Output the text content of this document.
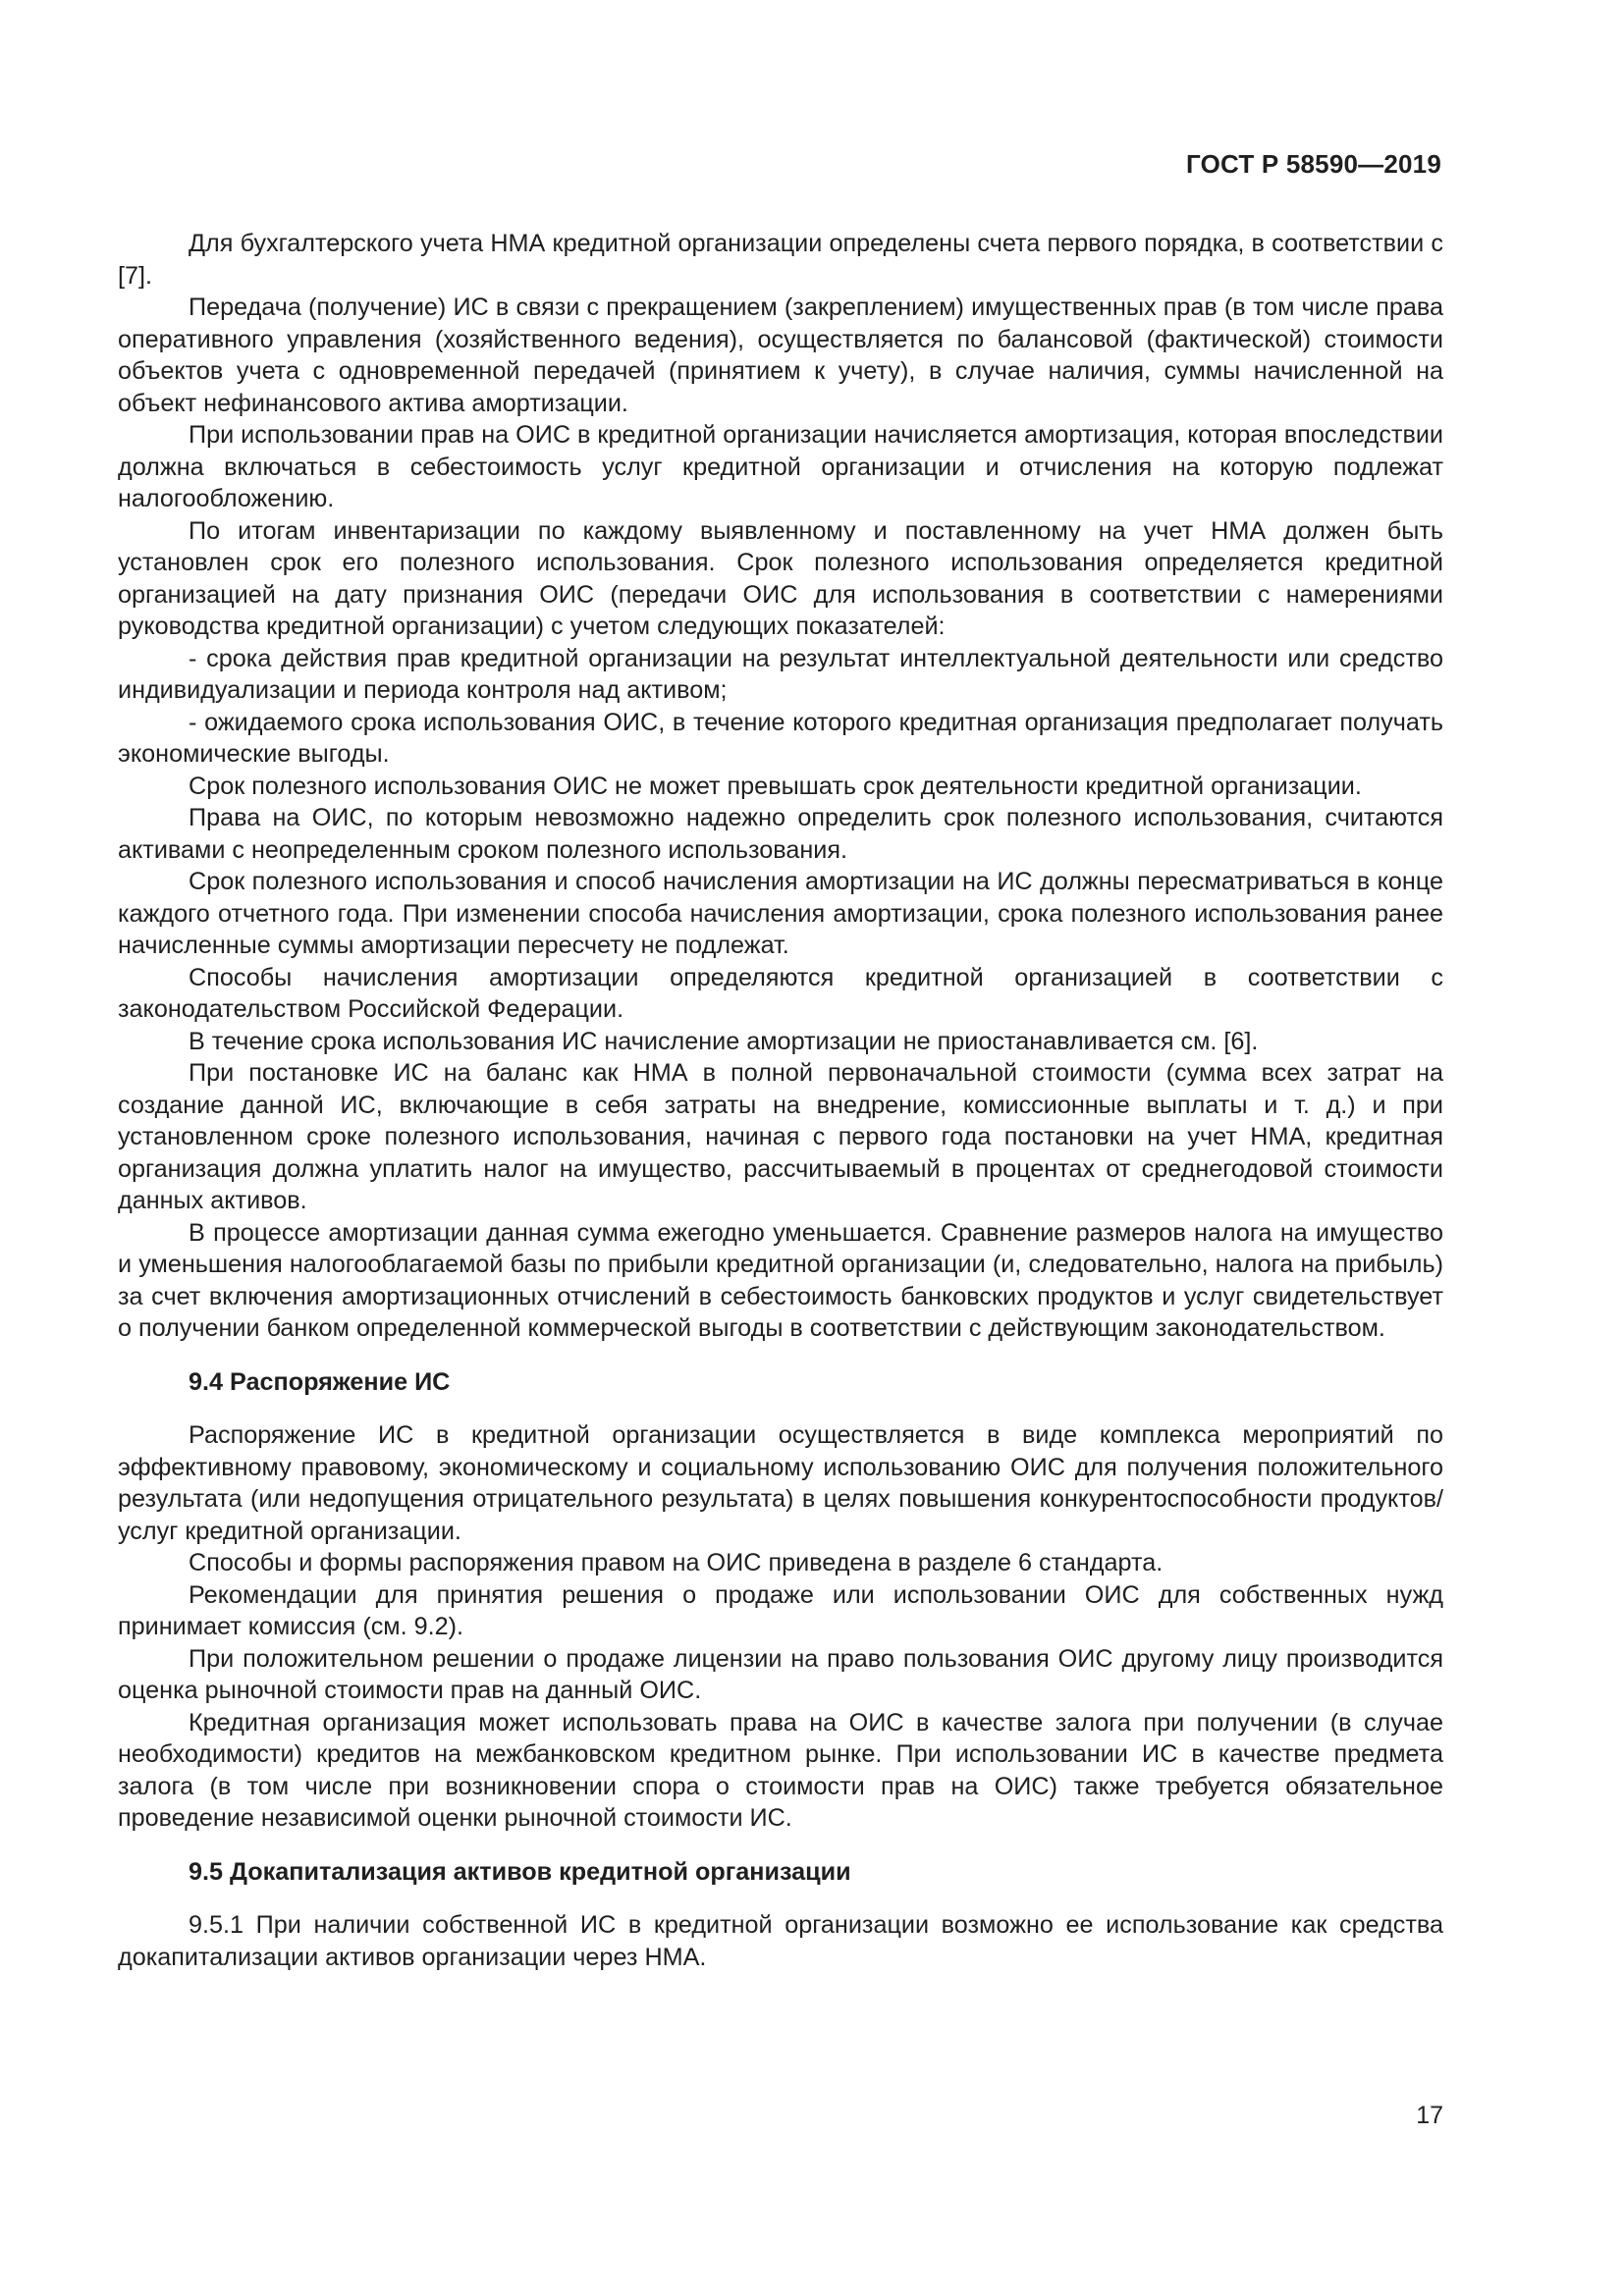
ГОСТ Р 58590—2019

Для бухгалтерского учета НМА кредитной организации определены счета первого порядка, в соответствии с [7].

Передача (получение) ИС в связи с прекращением (закреплением) имущественных прав (в том числе права оперативного управления (хозяйственного ведения), осуществляется по балансовой (фактической) стоимости объектов учета с одновременной передачей (принятием к учету), в случае наличия, суммы начисленной на объект нефинансового актива амортизации.

При использовании прав на ОИС в кредитной организации начисляется амортизация, которая впоследствии должна включаться в себестоимость услуг кредитной организации и отчисления на которую подлежат налогообложению.

По итогам инвентаризации по каждому выявленному и поставленному на учет НМА должен быть установлен срок его полезного использования. Срок полезного использования определяется кредитной организацией на дату признания ОИС (передачи ОИС для использования в соответствии с намерениями руководства кредитной организации) с учетом следующих показателей:

- срока действия прав кредитной организации на результат интеллектуальной деятельности или средство индивидуализации и периода контроля над активом;

- ожидаемого срока использования ОИС, в течение которого кредитная организация предполагает получать экономические выгоды.

Срок полезного использования ОИС не может превышать срок деятельности кредитной организации.

Права на ОИС, по которым невозможно надежно определить срок полезного использования, считаются активами с неопределенным сроком полезного использования.

Срок полезного использования и способ начисления амортизации на ИС должны пересматриваться в конце каждого отчетного года. При изменении способа начисления амортизации, срока полезного использования ранее начисленные суммы амортизации пересчету не подлежат.

Способы начисления амортизации определяются кредитной организацией в соответствии с законодательством Российской Федерации.

В течение срока использования ИС начисление амортизации не приостанавливается см. [6].

При постановке ИС на баланс как НМА в полной первоначальной стоимости (сумма всех затрат на создание данной ИС, включающие в себя затраты на внедрение, комиссионные выплаты и т. д.) и при установленном сроке полезного использования, начиная с первого года постановки на учет НМА, кредитная организация должна уплатить налог на имущество, рассчитываемый в процентах от среднегодовой стоимости данных активов.

В процессе амортизации данная сумма ежегодно уменьшается. Сравнение размеров налога на имущество и уменьшения налогооблагаемой базы по прибыли кредитной организации (и, следовательно, налога на прибыль) за счет включения амортизационных отчислений в себестоимость банковских продуктов и услуг свидетельствует о получении банком определенной коммерческой выгоды в соответствии с действующим законодательством.

9.4 Распоряжение ИС

Распоряжение ИС в кредитной организации осуществляется в виде комплекса мероприятий по эффективному правовому, экономическому и социальному использованию ОИС для получения положительного результата (или недопущения отрицательного результата) в целях повышения конкурентоспособности продуктов/услуг кредитной организации.

Способы и формы распоряжения правом на ОИС приведена в разделе 6 стандарта.

Рекомендации для принятия решения о продаже или использовании ОИС для собственных нужд принимает комиссия (см. 9.2).

При положительном решении о продаже лицензии на право пользования ОИС другому лицу производится оценка рыночной стоимости прав на данный ОИС.

Кредитная организация может использовать права на ОИС в качестве залога при получении (в случае необходимости) кредитов на межбанковском кредитном рынке. При использовании ИС в качестве предмета залога (в том числе при возникновении спора о стоимости прав на ОИС) также требуется обязательное проведение независимой оценки рыночной стоимости ИС.

9.5 Докапитализация активов кредитной организации

9.5.1 При наличии собственной ИС в кредитной организации возможно ее использование как средства докапитализации активов организации через НМА.

17
